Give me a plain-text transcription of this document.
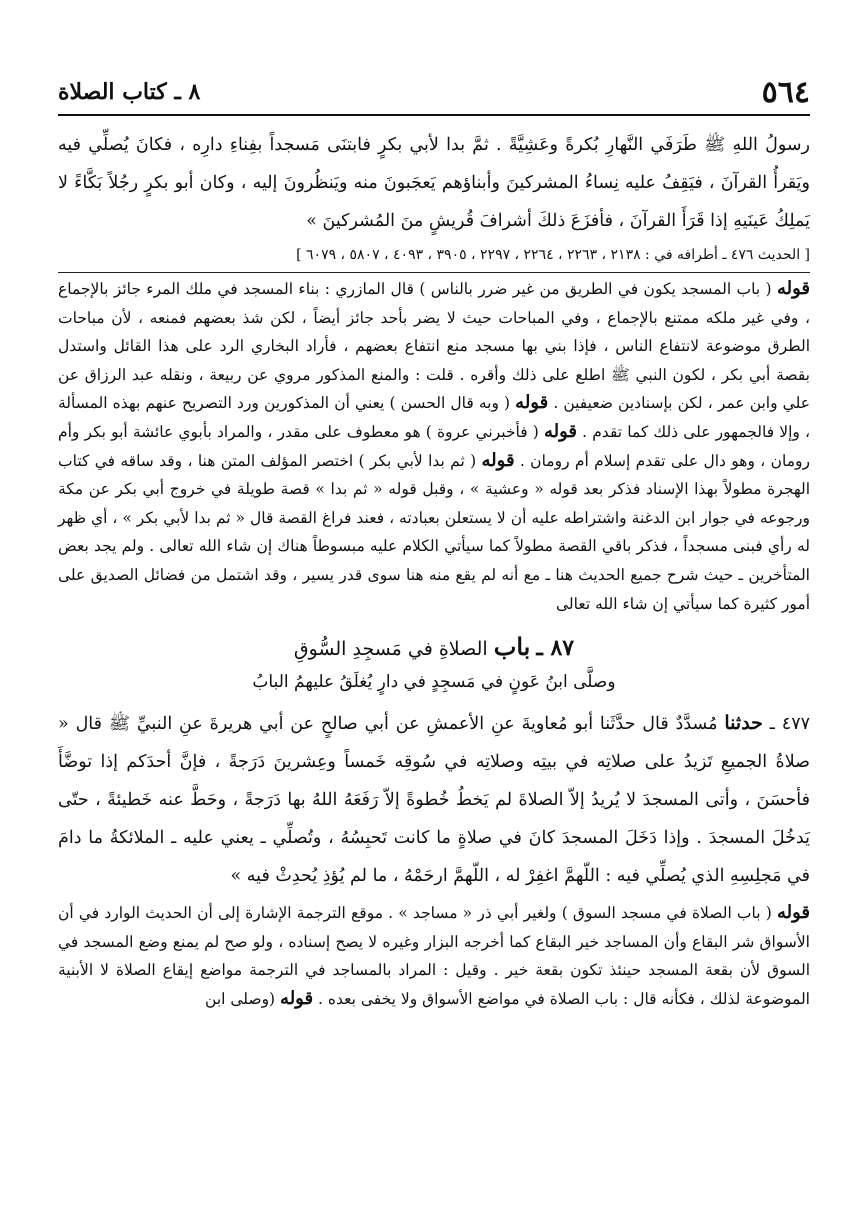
٥٦٤
٨ ـ كتاب الصلاة

رسولُ اللهِ ﷺ طَرَفَي النَّهارِ بُكرةً وعَشِيَّةً . ثمَّ بدا لأبي بكرٍ فابتنَى مَسجداً بفِناءِ دارِه ، فكانَ يُصلِّي فيه ويَقرأُ القرآنَ ، فيَقِفُ عليه نِساءُ المشركينَ وأبناؤهم يَعجَبونَ منه ويَنظُرونَ إليه ، وكان أبو بكرٍ رجُلاً بَكَّاءً لا يَملِكُ عَينَيهِ إذا قَرَأَ القرآنَ ، فأفزَعَ ذلكَ أشرافَ قُريشٍ منَ المُشركينَ »

[ الحديث ٤٧٦ ـ أطرافه في : ٢١٣٨ ، ٢٢٦٣ ، ٢٢٦٤ ، ٢٢٩٧ ، ٣٩٠٥ ، ٤٠٩٣ ، ٥٨٠٧ ، ٦٠٧٩ ]

قوله ( باب المسجد يكون في الطريق من غير ضرر بالناس ) قال المازري : بناء المسجد في ملك المرء جائز بالإجماع ، وفي غير ملكه ممتنع بالإجماع ، وفي المباحات حيث لا يضر بأحد جائز أيضاً ، لكن شذ بعضهم فمنعه ، لأن مباحات الطرق موضوعة لانتفاع الناس ، فإذا بني بها مسجد منع انتفاع بعضهم ، فأراد البخاري الرد على هذا القائل واستدل بقصة أبي بكر ، لكون النبي ﷺ اطلع على ذلك وأقره . قلت : والمنع المذكور مروي عن ربيعة ، ونقله عبد الرزاق عن علي وابن عمر ، لكن بإسنادين ضعيفين . قوله ( وبه قال الحسن ) يعني أن المذكورين ورد التصريح عنهم بهذه المسألة ، وإلا فالجمهور على ذلك كما تقدم . قوله ( فأخبرني عروة ) هو معطوف على مقدر ، والمراد بأبوي عائشة أبو بكر وأم رومان ، وهو دال على تقدم إسلام أم رومان . قوله ( ثم بدا لأبي بكر ) اختصر المؤلف المتن هنا ، وقد ساقه في كتاب الهجرة مطولاً بهذا الإسناد فذكر بعد قوله « وعشية » ، وقبل قوله « ثم بدا » قصة طويلة في خروج أبي بكر عن مكة ورجوعه في جوار ابن الدغنة واشتراطه عليه أن لا يستعلن بعبادته ، فعند فراغ القصة قال « ثم بدا لأبي بكر » ، أي ظهر له رأي فبنى مسجداً ، فذكر باقي القصة مطولاً كما سيأتي الكلام عليه مبسوطاً هناك إن شاء الله تعالى . ولم يجد بعض المتأخرين ـ حيث شرح جميع الحديث هنا ـ مع أنه لم يقع منه هنا سوى قدر يسير ، وقد اشتمل من فضائل الصديق على أمور كثيرة كما سيأتي إن شاء الله تعالى

٨٧ ـ باب الصلاةِ في مَسجِدِ السُّوقِ
وصلَّى ابنُ عَونٍ في مَسجِدٍ في دارٍ يُغلَقُ عليهمُ البابُ

٤٧٧ ـ حدثنا مُسدَّدٌ قال حدَّثَنا أبو مُعاويةَ عنِ الأعمشِ عن أبي صالحٍ عن أبي هريرةَ عنِ النبيِّ ﷺ قال « صلاةُ الجميعِ تَزيدُ على صلاتِه في بيتِه وصلاتِه في سُوقِه خَمساً وعِشرينَ دَرَجةً ، فإنَّ أحدَكم إذا توضَّأَ فأحسَنَ ، وأتى المسجدَ لا يُريدُ إلاّ الصلاةَ لم يَخطُ خُطوةً إلاّ رَفَعَهُ اللهُ بها دَرَجةً ، وحَطَّ عنه خَطيئةً ، حتّى يَدخُلَ المسجدَ . وإذا دَخَلَ المسجدَ كانَ في صلاةٍ ما كانت تَحبِسُهُ ، وتُصلِّي ـ يعني عليه ـ الملائكةُ ما دامَ في مَجلِسِهِ الذي يُصلِّي فيه : اللّهمَّ اغفِرْ له ، اللّهمَّ ارحَمْهُ ، ما لم يُؤذِ يُحدِثْ فيه »

قوله ( باب الصلاة في مسجد السوق ) ولغير أبي ذر « مساجد » . موقع الترجمة الإشارة إلى أن الحديث الوارد في أن الأسواق شر البقاع وأن المساجد خير البقاع كما أخرجه البزار وغيره لا يصح إسناده ، ولو صح لم يمنع وضع المسجد في السوق لأن بقعة المسجد حينئذ تكون بقعة خير . وقيل : المراد بالمساجد في الترجمة مواضع إيقاع الصلاة لا الأبنية الموضوعة لذلك ، فكأنه قال : باب الصلاة في مواضع الأسواق ولا يخفى بعده . قوله (وصلى ابن
